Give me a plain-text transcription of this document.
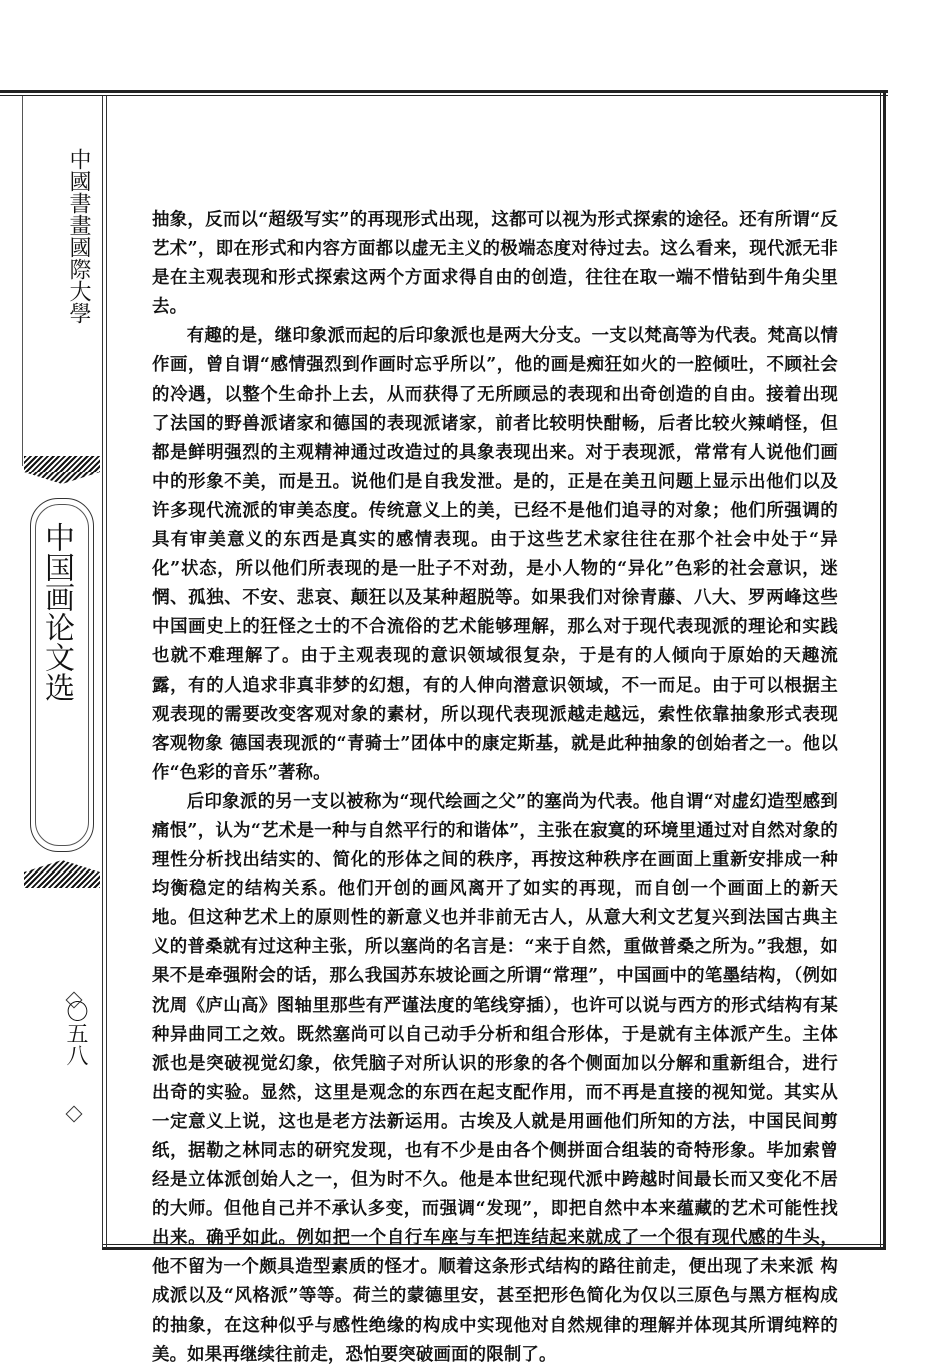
中國書畫國際大學
中国画论文选
〇五八

抽象，反而以“超级写实”的再现形式出现，这都可以视为形式探索的途径。还有所谓“反艺术”，即在形式和内容方面都以虚无主义的极端态度对待过去。这么看来，现代派无非是在主观表现和形式探索这两个方面求得自由的创造，往往在取一端不惜钻到牛角尖里去。

有趣的是，继印象派而起的后印象派也是两大分支。一支以梵高等为代表。梵高以情作画，曾自谓“感情强烈到作画时忘乎所以”，他的画是痴狂如火的一腔倾吐，不顾社会的冷遇，以整个生命扑上去，从而获得了无所顾忌的表现和出奇创造的自由。接着出现了法国的野兽派诸家和德国的表现派诸家，前者比较明快酣畅，后者比较火辣峭怪，但都是鲜明强烈的主观精神通过改造过的具象表现出来。对于表现派，常常有人说他们画中的形象不美，而是丑。说他们是自我发泄。是的，正是在美丑问题上显示出他们以及许多现代流派的审美态度。传统意义上的美，已经不是他们追寻的对象；他们所强调的具有审美意义的东西是真实的感情表现。由于这些艺术家往往在那个社会中处于“异化”状态，所以他们所表现的是一肚子不对劲，是小人物的“异化”色彩的社会意识，迷惘、孤独、不安、悲哀、颠狂以及某种超脱等。如果我们对徐青藤、八大、罗两峰这些中国画史上的狂怪之士的不合流俗的艺术能够理解，那么对于现代表现派的理论和实践也就不难理解了。由于主观表现的意识领域很复杂，于是有的人倾向于原始的天趣流露，有的人追求非真非梦的幻想，有的人伸向潜意识领域，不一而足。由于可以根据主观表现的需要改变客观对象的素材，所以现代表现派越走越远，索性依靠抽象形式表现客观物象 德国表现派的“青骑士”团体中的康定斯基，就是此种抽象的创始者之一。他以作“色彩的音乐”著称。

后印象派的另一支以被称为“现代绘画之父”的塞尚为代表。他自谓“对虚幻造型感到痛恨”，认为“艺术是一种与自然平行的和谐体”，主张在寂寞的环境里通过对自然对象的理性分析找出结实的、简化的形体之间的秩序，再按这种秩序在画面上重新安排成一种均衡稳定的结构关系。他们开创的画风离开了如实的再现，而自创一个画面上的新天地。但这种艺术上的原则性的新意义也并非前无古人，从意大利文艺复兴到法国古典主义的普桑就有过这种主张，所以塞尚的名言是：“来于自然，重做普桑之所为。”我想，如果不是牵强附会的话，那么我国苏东坡论画之所谓“常理”，中国画中的笔墨结构，（例如沈周《庐山高》图轴里那些有严谨法度的笔线穿插），也许可以说与西方的形式结构有某种异曲同工之效。既然塞尚可以自己动手分析和组合形体，于是就有主体派产生。主体派也是突破视觉幻象，依凭脑子对所认识的形象的各个侧面加以分解和重新组合，进行出奇的实验。显然，这里是观念的东西在起支配作用，而不再是直接的视知觉。其实从一定意义上说，这也是老方法新运用。古埃及人就是用画他们所知的方法，中国民间剪纸，据勒之林同志的研究发现，也有不少是由各个侧拼面合组装的奇特形象。毕加索曾经是立体派创始人之一，但为时不久。他是本世纪现代派中跨越时间最长而又变化不居的大师。但他自己并不承认多变，而强调“发现”，即把自然中本来蕴藏的艺术可能性找出来。确乎如此。例如把一个自行车座与车把连结起来就成了一个很有现代感的牛头，他不留为一个颇具造型素质的怪才。顺着这条形式结构的路往前走，便出现了未来派 构成派以及“风格派”等等。荷兰的蒙德里安，甚至把形色简化为仅以三原色与黑方框构成的抽象，在这种似乎与感性绝缘的构成中实现他对自然规律的理解并体现其所谓纯粹的美。如果再继续往前走，恐怕要突破画面的限制了。
